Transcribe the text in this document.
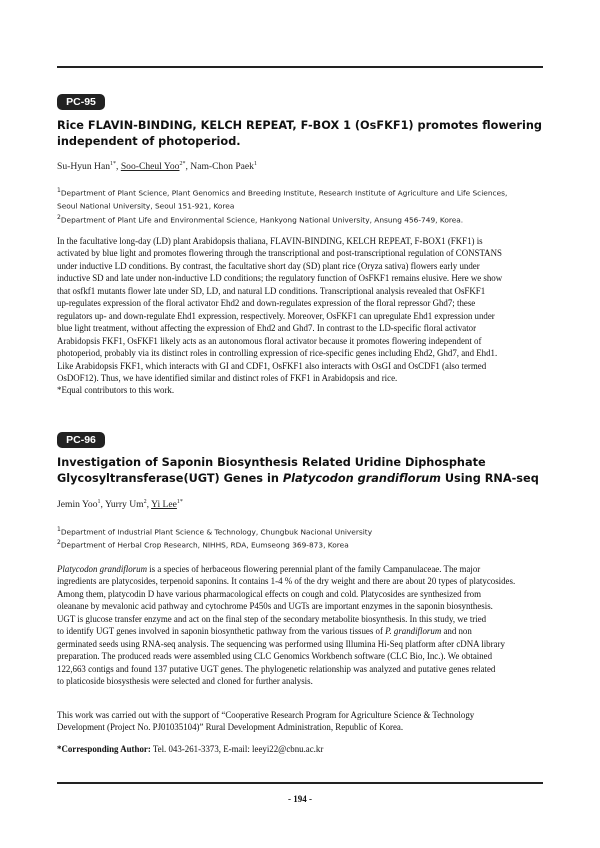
PC-95
Rice FLAVIN-BINDING, KELCH REPEAT, F-BOX 1 (OsFKF1) promotes flowering
independent of photoperiod.
Su-Hyun Han$^{1*}$, Soo-Cheul Yoo$^{2*}$, Nam-Chon Paek$^1$
$^1$Department of Plant Science, Plant Genomics and Breeding Institute, Research Institute of Agriculture and Life Sciences,
Seoul National University, Seoul 151-921, Korea
$^2$Department of Plant Life and Environmental Science, Hankyong National University, Ansung 456-749, Korea.
In the facultative long-day (LD) plant Arabidopsis thaliana, FLAVIN-BINDING, KELCH REPEAT, F-BOX1 (FKF1) is
activated by blue light and promotes flowering through the transcriptional and post-transcriptional regulation of CONSTANS
under inductive LD conditions. By contrast, the facultative short day (SD) plant rice (Oryza sativa) flowers early under
inductive SD and late under non-inductive LD conditions; the regulatory function of OsFKF1 remains elusive. Here we show
that osfkf1 mutants flower late under SD, LD, and natural LD conditions. Transcriptional analysis revealed that OsFKF1
up-regulates expression of the floral activator Ehd2 and down-regulates expression of the floral repressor Ghd7; these
regulators up- and down-regulate Ehd1 expression, respectively. Moreover, OsFKF1 can upregulate Ehd1 expression under
blue light treatment, without affecting the expression of Ehd2 and Ghd7. In contrast to the LD-specific floral activator
Arabidopsis FKF1, OsFKF1 likely acts as an autonomous floral activator because it promotes flowering independent of
photoperiod, probably via its distinct roles in controlling expression of rice-specific genes including Ehd2, Ghd7, and Ehd1.
Like Arabidopsis FKF1, which interacts with GI and CDF1, OsFKF1 also interacts with OsGI and OsCDF1 (also termed
OsDOF12). Thus, we have identified similar and distinct roles of FKF1 in Arabidopsis and rice.
*Equal contributors to this work.
PC-96
Investigation of Saponin Biosynthesis Related Uridine Diphosphate
Glycosyltransferase(UGT) Genes in Platycodon grandiflorum Using RNA-seq
Jemin Yoo$^1$, Yurry Um$^2$, Yi Lee$^{1*}$
$^1$Department of Industrial Plant Science & Technology, Chungbuk Nacional University
$^2$Department of Herbal Crop Research, NIHHS, RDA, Eumseong 369-873, Korea
Platycodon grandiflorum is a species of herbaceous flowering perennial plant of the family Campanulaceae. The major
ingredients are platycosides, terpenoid saponins. It contains 1-4 % of the dry weight and there are about 20 types of platycosides.
Among them, platycodin D have various pharmacological effects on cough and cold. Platycosides are synthesized from
oleanane by mevalonic acid pathway and cytochrome P450s and UGTs are important enzymes in the saponin biosynthesis.
UGT is glucose transfer enzyme and act on the final step of the secondary metabolite biosynthesis. In this study, we tried
to identify UGT genes involved in saponin biosynthetic pathway from the various tissues of P. grandiflorum and non
germinated seeds using RNA-seq analysis. The sequencing was performed using Illumina Hi-Seq platform after cDNA library
preparation. The produced reads were assembled using CLC Genomics Workbench software (CLC Bio, Inc.). We obtained
122,663 contigs and found 137 putative UGT genes. The phylogenetic relationship was analyzed and putative genes related
to platicoside biosysthesis were selected and cloned for further analysis.
This work was carried out with the support of “Cooperative Research Program for Agriculture Science & Technology
Development (Project No. PJ01035104)” Rural Development Administration, Republic of Korea.
*Corresponding Author: Tel. 043-261-3373, E-mail: leeyi22@cbnu.ac.kr
- 194 -
